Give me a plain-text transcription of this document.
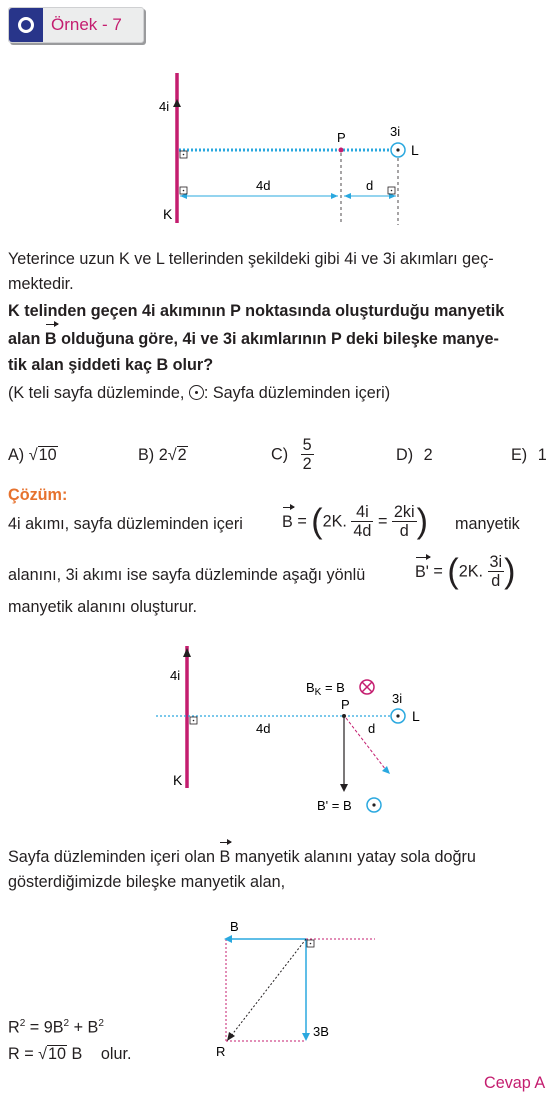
Örnek - 7
4i
K
P	3i
L
4d	d
Yeterince uzun K ve L tellerinden şekildeki gibi 4i ve 3i akımları geç-
mektedir.
K telinden geçen 4i akımının P noktasında oluşturduğu manyetik
alan B olduğuna göre, 4i ve 3i akımlarının P deki bileşke manye-
tik alan şiddeti kaç B olur?
(K teli sayfa düzleminde,
: Sayfa düzleminden içeri)
A) √10	B) 2√2	$C) \frac{5}{2}$	D) 2	E) 1
Çözüm:
4i akımı, sayfa düzleminden içeri B = (2K. $\frac{4i}{4d} = \frac{2ki}{d}$ ) manyetik
alanını, 3i akımı ise sayfa düzleminde aşağı yönlü	B' = (2K. $\frac{3i}{d}$ )
manyetik alanını oluşturur.
4i
K
4d
P
$B_K = B$
3i
L
d
B' = B
Sayfa düzleminden içeri olan B manyetik alanını yatay sola doğru
gösterdiğimizde bileşke manyetik alan,
B
3B
R
$R^2 = 9B^2 + B^2$
R = √10 B olur.
Cevap A
